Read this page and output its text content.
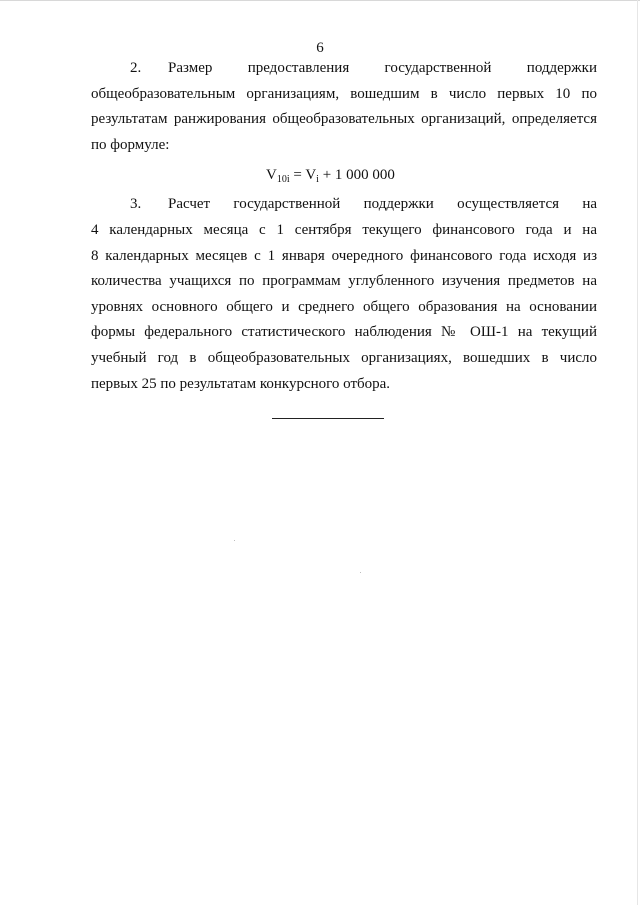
6
2. Размер предоставления государственной поддержки
общеобразовательным организациям, вошедшим в число первых 10 по
результатам ранжирования общеобразовательных организаций, определяется
по формуле:
$V_{10i} = V_i + 1$ 000 000
3. Расчет государственной поддержки осуществляется на
4 календарных месяца с 1 сентября текущего финансового года и на
8 календарных месяцев с 1 января очередного финансового года исходя из
количества учащихся по программам углубленного изучения предметов на
уровнях основного общего и среднего общего образования на основании
формы федерального статистического наблюдения № ОШ-1 на текущий
учебный год в общеобразовательных организациях, вошедших в число
первых 25 по результатам конкурсного отбора.
